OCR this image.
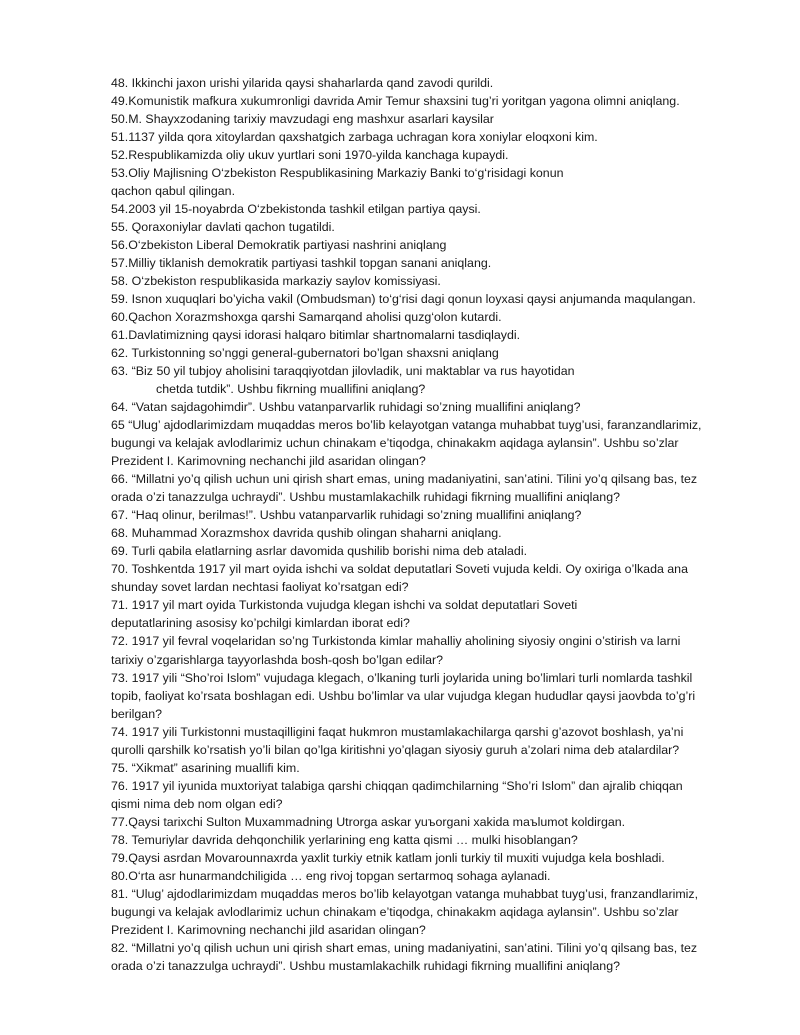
48. Ikkinchi jaxon urishi yilarida qaysi shaharlarda qand zavodi qurildi.
49.Komunistik mafkura xukumronligi davrida Amir Temur shaxsini tug’ri yoritgan yagona olimni aniqlang.
50.M. Shayxzodaning tarixiy mavzudagi eng mashxur asarlari kaysilar
51.1137 yilda qora xitoylardan qaxshatgich zarbaga uchragan kora xoniylar eloqxoni kim.
52.Respublikamizda oliy ukuv yurtlari soni 1970-yilda kanchaga kupaydi.
53.Oliy Majlisning O‘zbekiston Respublikasining Markaziy Banki to‘g‘risidagi konun
qachon qabul qilingan.
54.2003 yil 15-noyabrda O‘zbekistonda tashkil etilgan partiya qaysi.
55. Qoraxoniylar davlati qachon tugatildi.
56.O‘zbekiston Liberal Demokratik partiyasi nashrini aniqlang
57.Milliy tiklanish demokratik partiyasi tashkil topgan sanani aniqlang.
58. O‘zbekiston respublikasida markaziy saylov komissiyasi.
59. Isnon xuquqlari bo’yicha vakil (Ombudsman) to‘g‘risi dagi qonun loyxasi qaysi anjumanda maqulangan.
60.Qachon Xorazmshoxga qarshi Samarqand aholisi quzg‘olon kutardi.
61.Davlatimizning qaysi idorasi halqaro bitimlar shartnomalarni tasdiqlaydi.
62. Turkistonning so’nggi general-gubernatori bo’lgan shaxsni aniqlang
63. “Biz 50 yil tubjoy aholisini taraqqiyotdan jilovladik, uni maktablar va rus hayotidan
chetda tutdik”. Ushbu fikrning muallifini aniqlang?
64. “Vatan sajdagohimdir”. Ushbu vatanparvarlik ruhidagi so’zning muallifini aniqlang?
65 “Ulug’ ajdodlarimizdam muqaddas meros bo’lib kelayotgan vatanga muhabbat tuyg’usi, faranzandlarimiz,
bugungi va kelajak avlodlarimiz uchun chinakam e’tiqodga, chinakakm aqidaga aylansin”. Ushbu so’zlar
Prezident I. Karimovning nechanchi jild asaridan olingan?
66. “Millatni yo’q qilish uchun uni qirish shart emas, uning madaniyatini, san’atini. Tilini yo’q qilsang bas, tez
orada o’zi tanazzulga uchraydi”. Ushbu mustamlakachilk ruhidagi fikrning muallifini aniqlang?
67. “Haq olinur, berilmas!”. Ushbu vatanparvarlik ruhidagi so’zning muallifini aniqlang?
68. Muhammad Xorazmshox davrida qushib olingan shaharni aniqlang.
69. Turli qabila elatlarning asrlar davomida qushilib borishi nima deb ataladi.
70. Toshkentda 1917 yil mart oyida ishchi va soldat deputatlari Soveti vujuda keldi. Oy oxiriga o’lkada ana
shunday sovet lardan nechtasi faoliyat ko’rsatgan edi?
71. 1917 yil mart oyida Turkistonda vujudga klegan ishchi va soldat deputatlari Soveti
deputatlarining asosisy ko’pchilgi kimlardan iborat edi?
72. 1917 yil fevral voqelaridan so’ng Turkistonda kimlar mahalliy aholining siyosiy ongini o’stirish va larni
tarixiy o’zgarishlarga tayyorlashda bosh-qosh bo’lgan edilar?
73. 1917 yili “Sho’roi Islom” vujudaga klegach, o’lkaning turli joylarida uning bo’limlari turli nomlarda tashkil
topib, faoliyat ko’rsata boshlagan edi. Ushbu bo’limlar va ular vujudga klegan hududlar qaysi jaovbda to’g’ri
berilgan?
74. 1917 yili Turkistonni mustaqilligini faqat hukmron mustamlakachilarga qarshi g’azovot boshlash, ya’ni
qurolli qarshilk ko’rsatish yo’li bilan qo’lga kiritishni yo’qlagan siyosiy guruh a’zolari nima deb atalardilar?
75. “Xikmat” asarining muallifi kim.
76. 1917 yil iyunida muxtoriyat talabiga qarshi chiqqan qadimchilarning “Sho’ri Islom” dan ajralib chiqqan
qismi nima deb nom olgan edi?
77.Qaysi tarixchi Sulton Muxammadning Utrorga askar yuъorgani xakida maъlumot koldirgan.
78. Temuriylar davrida dehqonchilik yerlarining eng katta qismi … mulki hisoblangan?
79.Qaysi asrdan Movarounnaxrda yaxlit turkiy etnik katlam jonli turkiy til muxiti vujudga kela boshladi.
80.O‘rta asr hunarmandchiligida … eng rivoj topgan sertarmoq sohaga aylanadi.
81. “Ulug’ ajdodlarimizdam muqaddas meros bo’lib kelayotgan vatanga muhabbat tuyg’usi, franzandlarimiz,
bugungi va kelajak avlodlarimiz uchun chinakam e’tiqodga, chinakakm aqidaga aylansin”. Ushbu so’zlar
Prezident I. Karimovning nechanchi jild asaridan olingan?
82. “Millatni yo’q qilish uchun uni qirish shart emas, uning madaniyatini, san’atini. Tilini yo’q qilsang bas, tez
orada o’zi tanazzulga uchraydi”. Ushbu mustamlakachilk ruhidagi fikrning muallifini aniqlang?
